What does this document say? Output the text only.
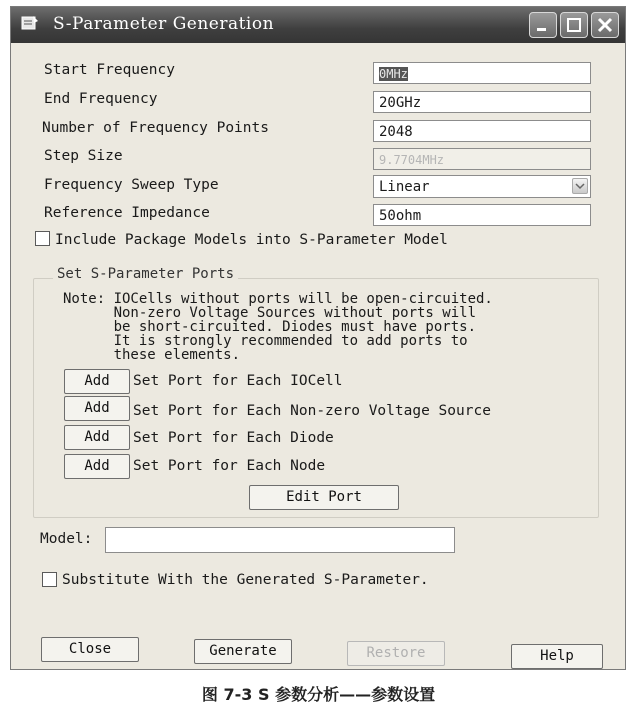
S-Parameter Generation
Start Frequency	0MHz
End Frequency	20GHz
Number of Frequency Points	2048
Step Size	9.7704MHz
Frequency Sweep Type	Linear
Reference Impedance	50ohm
Include Package Models into S-Parameter Model
Set S-Parameter Ports
Note: IOCells without ports will be open-circuited.
Non-zero Voltage Sources without ports will
be short-circuited. Diodes must have ports.
It is strongly recommended to add ports to
these elements.
Add	Set Port for Each IOCell
Add	Set Port for Each Non-zero Voltage Source
Add	Set Port for Each Diode
Add	Set Port for Each Node
Edit Port
Model:
Substitute With the Generated S-Parameter.
Close	Generate	Restore	Help
图 7-3 S 参数分析——参数设置
